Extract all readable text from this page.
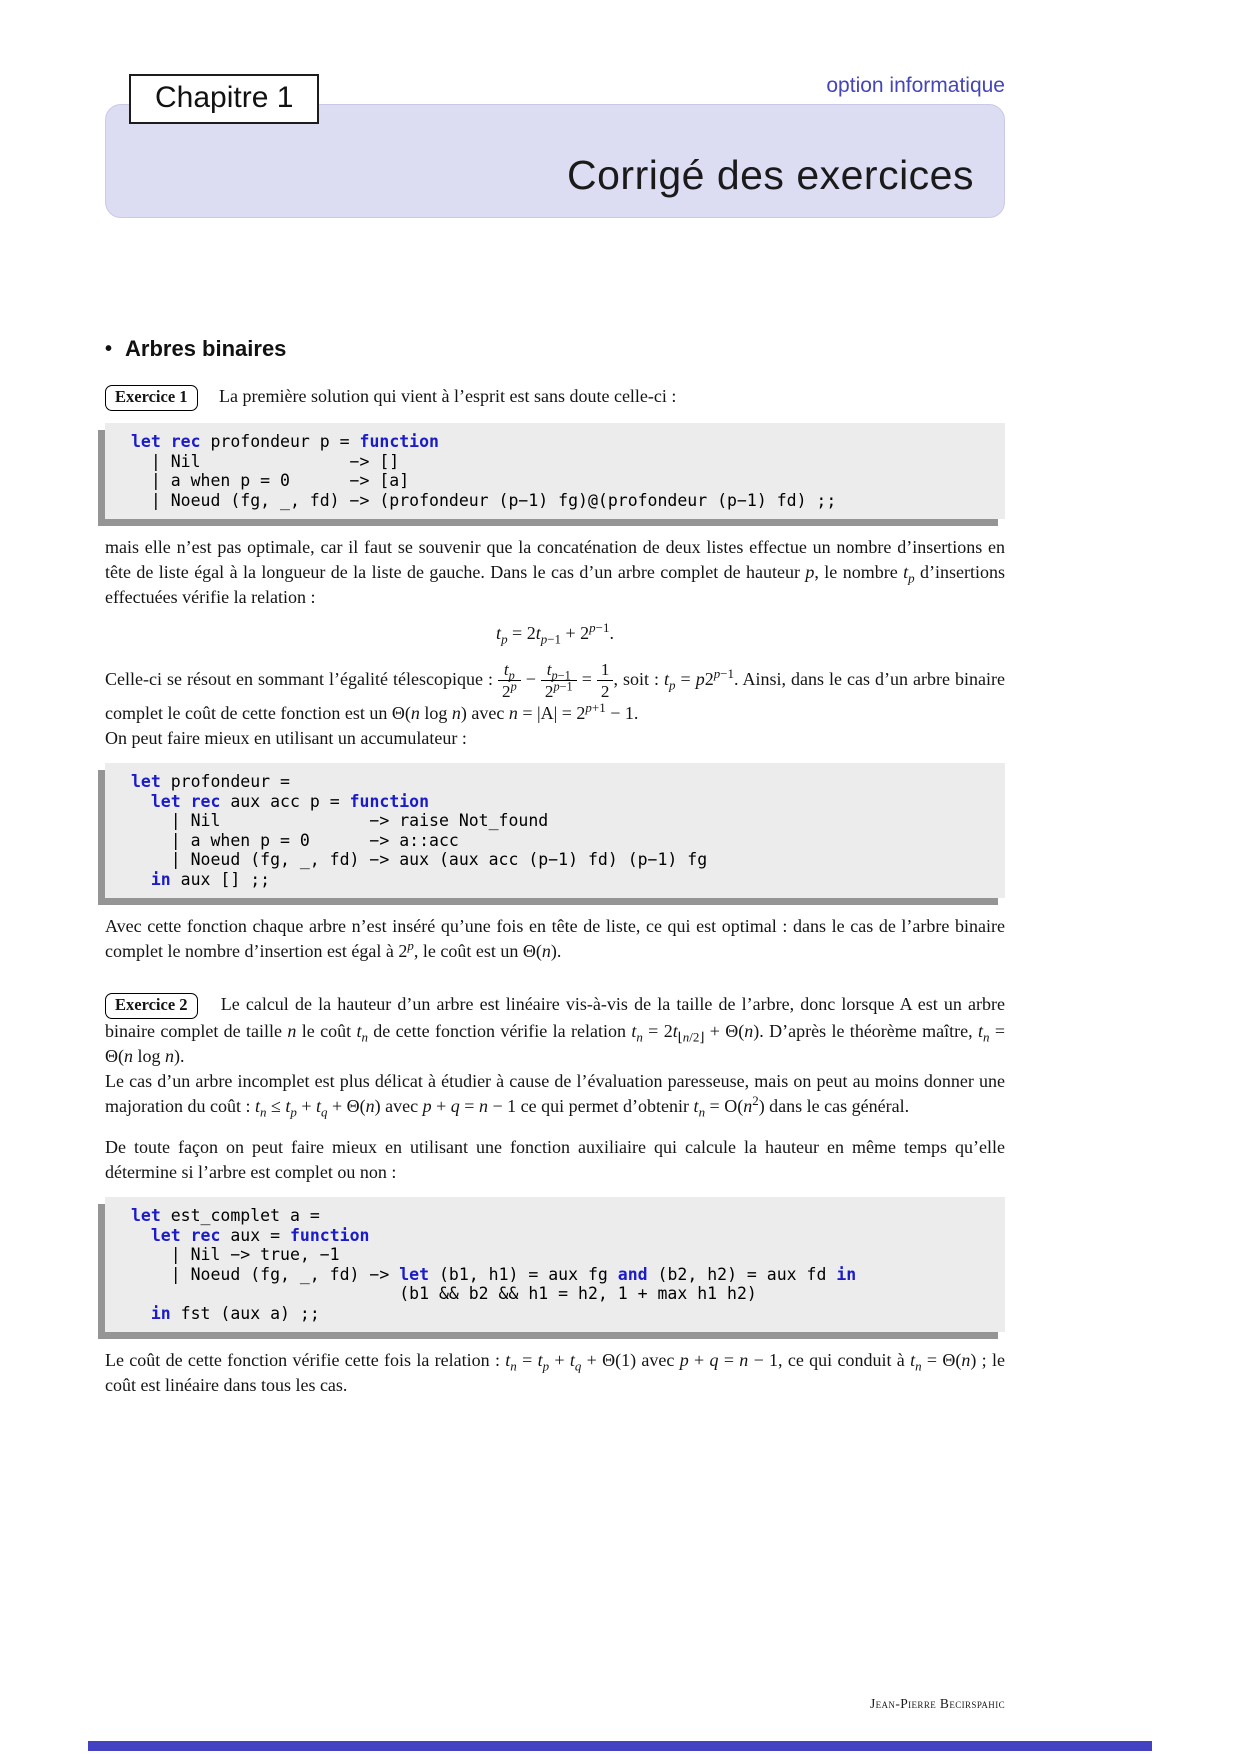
option informatique
Corrigé des exercices
Chapitre 1
• Arbres binaires

Exercice 1 La première solution qui vient à l’esprit est sans doute celle-ci :

let rec profondeur p = function
| Nil               −> []
| a when p = 0      −> [a]
| Noeud (fg, _, fd) −> (profondeur (p−1) fg)@(profondeur (p−1) fd) ;;

mais elle n’est pas optimale, car il faut se souvenir que la concaténation de deux listes effectue un nombre d’insertions en tête de liste égal à la longueur de la liste de gauche. Dans le cas d’un arbre complet de hauteur p, le nombre $t_p$ d’insertions effectuées vérifie la relation :

$t_p = 2t_{p-1} + 2^{p-1}$.

Celle-ci se résout en sommant l’égalité télescopique : $\frac{t_p}{2^p} - \frac{t_{p-1}}{2^{p-1}} = \frac{1}{2}$ , soit : $t_p = p2^{p-1}$. Ainsi, dans le cas d’un arbre binaire complet le coût de cette fonction est un Θ(n log n) avec $n = |A| = 2^{p+1} - 1$.

On peut faire mieux en utilisant un accumulateur :

let profondeur =
let rec aux acc p = function
| Nil               −> raise Not_found
| a when p = 0      −> a::acc
| Noeud (fg, _, fd) −> aux (aux acc (p−1) fd) (p−1) fg
in aux [] ;;

Avec cette fonction chaque arbre n’est inséré qu’une fois en tête de liste, ce qui est optimal : dans le cas de l’arbre binaire complet le nombre d’insertion est égal à 2$^p$, le coût est un Θ(n).

Exercice 2 Le calcul de la hauteur d’un arbre est linéaire vis-à-vis de la taille de l’arbre, donc lorsque A est un arbre binaire complet de taille n le coût $t_n$ de cette fonction vérifie la relation $t_n = 2t_{⌊n/2⌋} + \Theta(n)$. D’après le théorème maître, $t_n = \Theta(n$ log n).

Le cas d’un arbre incomplet est plus délicat à étudier à cause de l’évaluation paresseuse, mais on peut au moins donner une majoration du coût : $t_n \le t_p + t_q + \Theta(n)$ avec p + q = n − 1 ce qui permet d’obtenir $t_n = O(n^2)$ dans le cas général.

De toute façon on peut faire mieux en utilisant une fonction auxiliaire qui calcule la hauteur en même temps qu’elle détermine si l’arbre est complet ou non :

let est_complet a =
let rec aux = function
| Nil −> true, −1
| Noeud (fg, _, fd) −> let (b1, h1) = aux fg and (b2, h2) = aux fd in
(b1 && b2 && h1 = h2, 1 + max h1 h2)
in fst (aux a) ;;

Le coût de cette fonction vérifie cette fois la relation : $t_n = t_p + t_q + \Theta(1)$ avec p + q = n − 1, ce qui conduit à $t_n = \Theta(n)$ ; le coût est linéaire dans tous les cas.

Jean-Pierre Becirspahic
